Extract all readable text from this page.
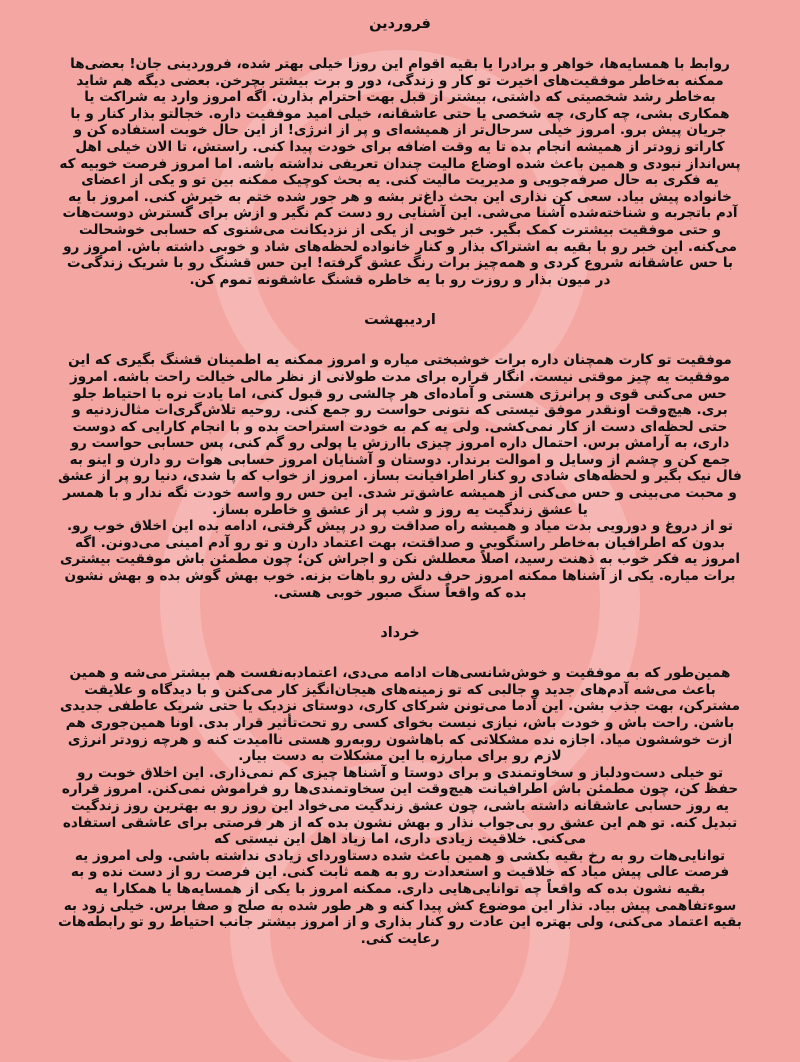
فروردین

روابط با همسایه‌ها، خواهر و برادرا یا بقیه اقوام این روزا خیلی بهتر شده، فروردینی جان! بعضی‌ها ممکنه به‌خاطر موفقیت‌های اخیرت تو کار و زندگی، دور و برت بیشتر بچرخن. بعضی دیگه هم شاید به‌خاطر رشد شخصیتی که داشتی، بیشتر از قبل بهت احترام بذارن. اگه امروز وارد یه شراکت یا همکاری بشی، چه کاری، چه شخصی یا حتی عاشقانه، خیلی امید موفقیت داره. خجالتو بذار کنار و با جریان پیش برو. امروز خیلی سرحال‌تر از همیشه‌ای و پر از انرژی! از این حال خوبت استفاده کن و کاراتو زودتر از همیشه انجام بده تا یه وقت اضافه برای خودت پیدا کنی. راستش، تا الان خیلی اهل پس‌انداز نبودی و همین باعث شده اوضاع مالیت چندان تعریفی نداشته باشه. اما امروز فرصت خوبیه که یه فکری به حال صرفه‌جویی و مدیریت مالیت کنی. یه بحث کوچیک ممکنه بین تو و یکی از اعضای خانواده پیش بیاد. سعی کن نذاری این بحث داغ‌تر بشه و هر جور شده ختم به خیرش کنی. امروز با یه آدم باتجربه و شناخته‌شده آشنا می‌شی. این آشنایی رو دست کم نگیر و ازش برای گسترش دوست‌هات و حتی موفقیت بیشترت کمک بگیر. خبر خوبی از یکی از نزدیکانت می‌شنوی که حسابی خوشحالت می‌کنه. این خبر رو با بقیه به اشتراک بذار و کنار خانواده لحظه‌های شاد و خوبی داشته باش. امروز رو با حس عاشقانه شروع کردی و همه‌چیز برات رنگ عشق گرفته! این حس قشنگ رو با شریک زندگی‌ت در میون بذار و روزت رو با یه خاطره قشنگ عاشقونه تموم کن.

اردیبهشت

موفقیت تو کارت همچنان داره برات خوشبختی میاره و امروز ممکنه یه اطمینان قشنگ بگیری که این موفقیت یه چیز موقتی نیست. انگار قراره برای مدت طولانی از نظر مالی خیالت راحت باشه. امروز حس می‌کنی قوی و پرانرژی هستی و آماده‌ای هر چالشی رو قبول کنی، اما یادت نره با احتیاط جلو بری. هیچ‌وقت اونقدر موفق نیستی که نتونی حواست رو جمع کنی. روحیه تلاش‌گری‌ات مثال‌زدنیه و حتی لحظه‌ای دست از کار نمی‌کشی. ولی یه کم به خودت استراحت بده و با انجام کارایی که دوست داری، به آرامش برس. احتمال داره امروز چیزی باارزش یا پولی رو گم کنی، پس حسابی حواست رو جمع کن و چشم از وسایل و اموالت برندار. دوستان و آشنایان امروز حسابی هوات رو دارن و اینو به فال نیک بگیر و لحظه‌های شادی رو کنار اطرافیانت بساز. امروز از خواب که پا شدی، دنیا رو پر از عشق و محبت می‌بینی و حس می‌کنی از همیشه عاشق‌تر شدی. این حس رو واسه خودت نگه ندار و با همسر یا عشق زندگیت یه روز و شب پر از عشق و خاطره بساز.

تو از دروغ و دورویی بدت میاد و همیشه راه صداقت رو در پیش گرفتی، ادامه بده این اخلاق خوب رو. بدون که اطرافیان به‌خاطر راستگویی و صداقتت، بهت اعتماد دارن و تو رو آدم امینی می‌دونن. اگه امروز یه فکر خوب به ذهنت رسید، اصلاً معطلش نکن و اجراش کن؛ چون مطمئن باش موفقیت بیشتری برات میاره. یکی از آشناها ممکنه امروز حرف دلش رو باهات بزنه. خوب بهش گوش بده و بهش نشون بده که واقعاً سنگ صبور خوبی هستی.

خرداد

همین‌طور که به موفقیت و خوش‌شانسی‌هات ادامه می‌دی، اعتماد‌به‌نفست هم بیشتر می‌شه و همین باعث می‌شه آدم‌های جدید و جالبی که تو زمینه‌های هیجان‌انگیز کار می‌کنن و با دیدگاه و علایقت مشترکن، بهت جذب بشن. این آدما می‌تونن شرکای کاری، دوستای نزدیک یا حتی شریک عاطفی جدیدی باشن. راحت باش و خودت باش، نیازی نیست بخوای کسی رو تحت‌تأثیر قرار بدی. اونا همین‌جوری هم ازت خوششون میاد. اجازه نده مشکلاتی که باهاشون روبه‌رو هستی ناامیدت کنه و هرچه زودتر انرژی لازم رو برای مبارزه با این مشکلات به دست بیار.

تو خیلی دست‌ودلباز و سخاوتمندی و برای دوستا و آشناها چیزی کم نمی‌ذاری. این اخلاق خوبت رو حفظ کن، چون مطمئن باش اطرافیانت هیچ‌وقت این سخاوتمندی‌ها رو فراموش نمی‌کنن. امروز قراره یه روز حسابی عاشقانه داشته باشی، چون عشق زندگیت می‌خواد این روز رو به بهترین روز زندگیت تبدیل کنه. تو هم این عشق رو بی‌جواب نذار و بهش نشون بده که از هر فرصتی برای عاشقی استفاده می‌کنی. خلاقیت زیادی داری، اما زیاد اهل این نیستی که

توانایی‌هات رو به رخ بقیه بکشی و همین باعث شده دستاوردای زیادی نداشته باشی. ولی امروز یه فرصت عالی پیش میاد که خلاقیت و استعدادت رو به همه ثابت کنی. این فرصت رو از دست نده و به بقیه نشون بده که واقعاً چه توانایی‌هایی داری. ممکنه امروز با یکی از همسایه‌ها یا همکارا یه سوءتفاهمی پیش بیاد. نذار این موضوع کش پیدا کنه و هر طور شده به صلح و صفا برس. خیلی زود به بقیه اعتماد می‌کنی، ولی بهتره این عادت رو کنار بذاری و از امروز بیشتر جانب احتیاط رو تو رابطه‌هات رعایت کنی.
